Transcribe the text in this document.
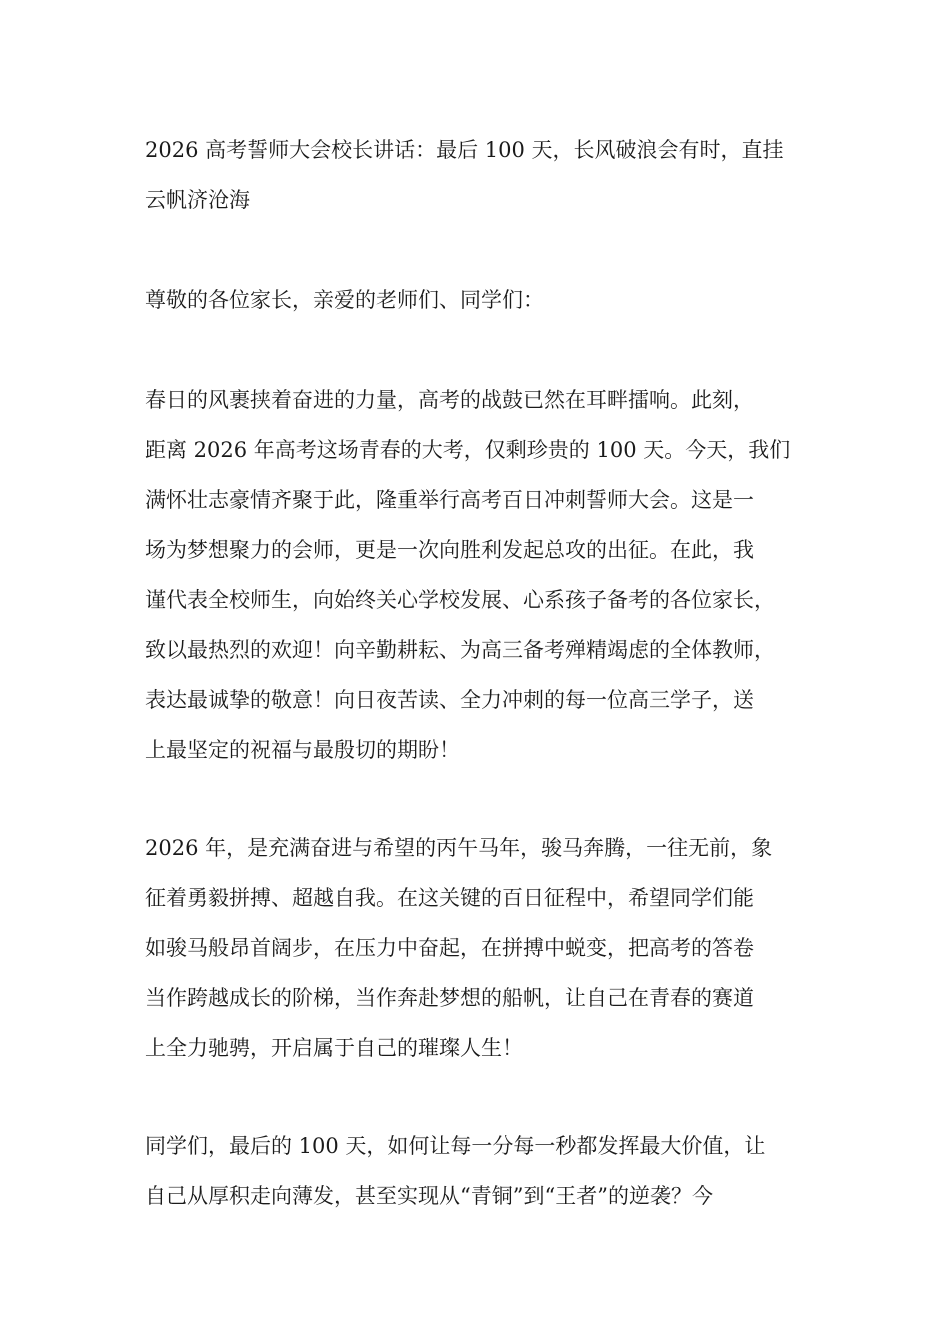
2026 高考誓师大会校长讲话：最后 100 天，长风破浪会有时，直挂

云帆济沧海

尊敬的各位家长，亲爱的老师们、同学们：

春日的风裹挟着奋进的力量，高考的战鼓已然在耳畔擂响。此刻，

距离 2026 年高考这场青春的大考，仅剩珍贵的 100 天。今天，我们

满怀壮志豪情齐聚于此，隆重举行高考百日冲刺誓师大会。这是一

场为梦想聚力的会师，更是一次向胜利发起总攻的出征。在此，我

谨代表全校师生，向始终关心学校发展、心系孩子备考的各位家长，

致以最热烈的欢迎！向辛勤耕耘、为高三备考殚精竭虑的全体教师，

表达最诚挚的敬意！向日夜苦读、全力冲刺的每一位高三学子，送

上最坚定的祝福与最殷切的期盼！

2026 年，是充满奋进与希望的丙午马年，骏马奔腾，一往无前，象

征着勇毅拼搏、超越自我。在这关键的百日征程中，希望同学们能

如骏马般昂首阔步，在压力中奋起，在拼搏中蜕变，把高考的答卷

当作跨越成长的阶梯，当作奔赴梦想的船帆，让自己在青春的赛道

上全力驰骋，开启属于自己的璀璨人生！

同学们，最后的 100 天，如何让每一分每一秒都发挥最大价值，让

自己从厚积走向薄发，甚至实现从“青铜”到“王者”的逆袭？今
